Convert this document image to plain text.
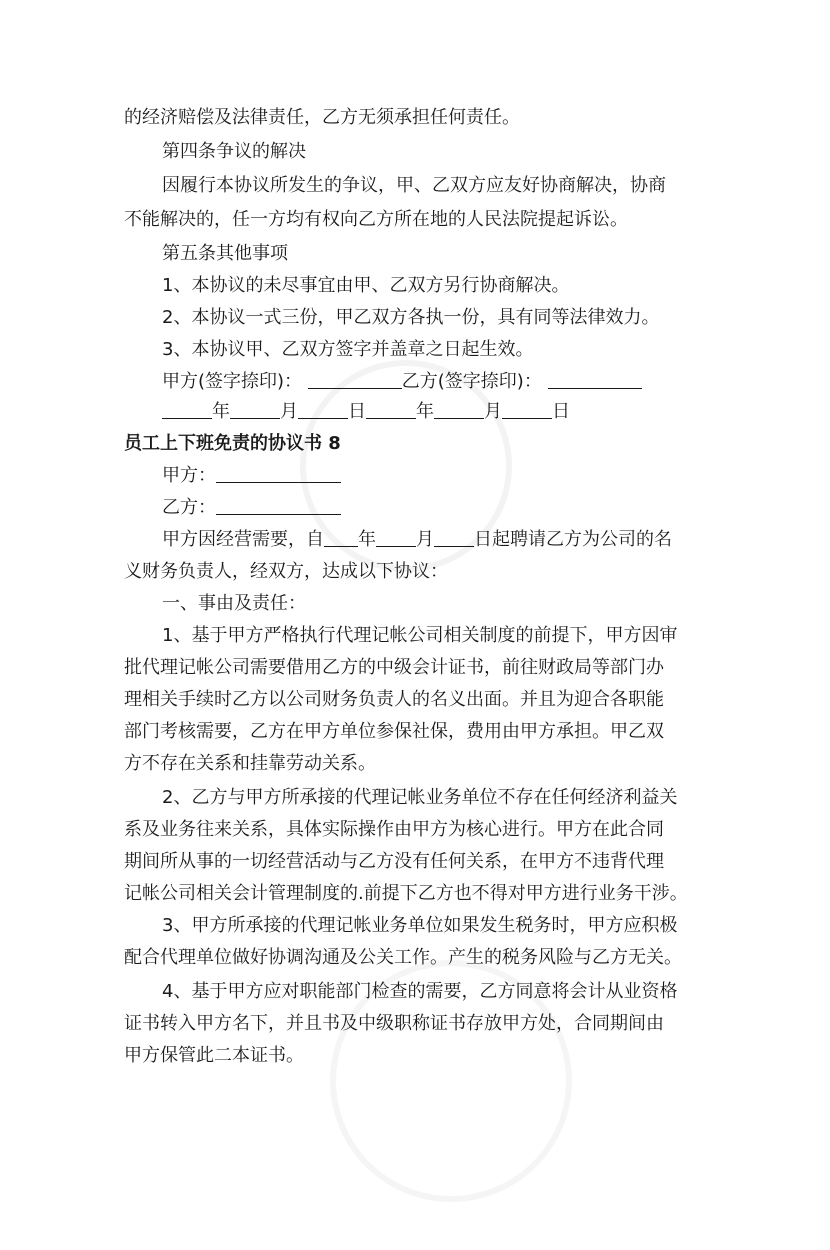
的经济赔偿及法律责任，乙方无须承担任何责任。
第四条争议的解决
因履行本协议所发生的争议，甲、乙双方应友好协商解决，协商
不能解决的，任一方均有权向乙方所在地的人民法院提起诉讼。
第五条其他事项
1、本协议的未尽事宜由甲、乙双方另行协商解决。
2、本协议一式三份，甲乙双方各执一份，具有同等法律效力。
3、本协议甲、乙双方签字并盖章之日起生效。
甲方(签字捺印)：	乙方(签字捺印)：
年	月	日	年	月	日
员工上下班免责的协议书 8
甲方：
乙方：
甲方因经营需要，自 年 月 日起聘请乙方为公司的名
义财务负责人，经双方，达成以下协议：
一、事由及责任：
1、基于甲方严格执行代理记帐公司相关制度的前提下，甲方因审
批代理记帐公司需要借用乙方的中级会计证书，前往财政局等部门办
理相关手续时乙方以公司财务负责人的名义出面。并且为迎合各职能
部门考核需要，乙方在甲方单位参保社保，费用由甲方承担。甲乙双
方不存在关系和挂靠劳动关系。
2、乙方与甲方所承接的代理记帐业务单位不存在任何经济利益关
系及业务往来关系，具体实际操作由甲方为核心进行。甲方在此合同
期间所从事的一切经营活动与乙方没有任何关系，在甲方不违背代理
记帐公司相关会计管理制度的.前提下乙方也不得对甲方进行业务干涉。
3、甲方所承接的代理记帐业务单位如果发生税务时，甲方应积极
配合代理单位做好协调沟通及公关工作。产生的税务风险与乙方无关。
4、基于甲方应对职能部门检查的需要，乙方同意将会计从业资格
证书转入甲方名下，并且书及中级职称证书存放甲方处，合同期间由
甲方保管此二本证书。
